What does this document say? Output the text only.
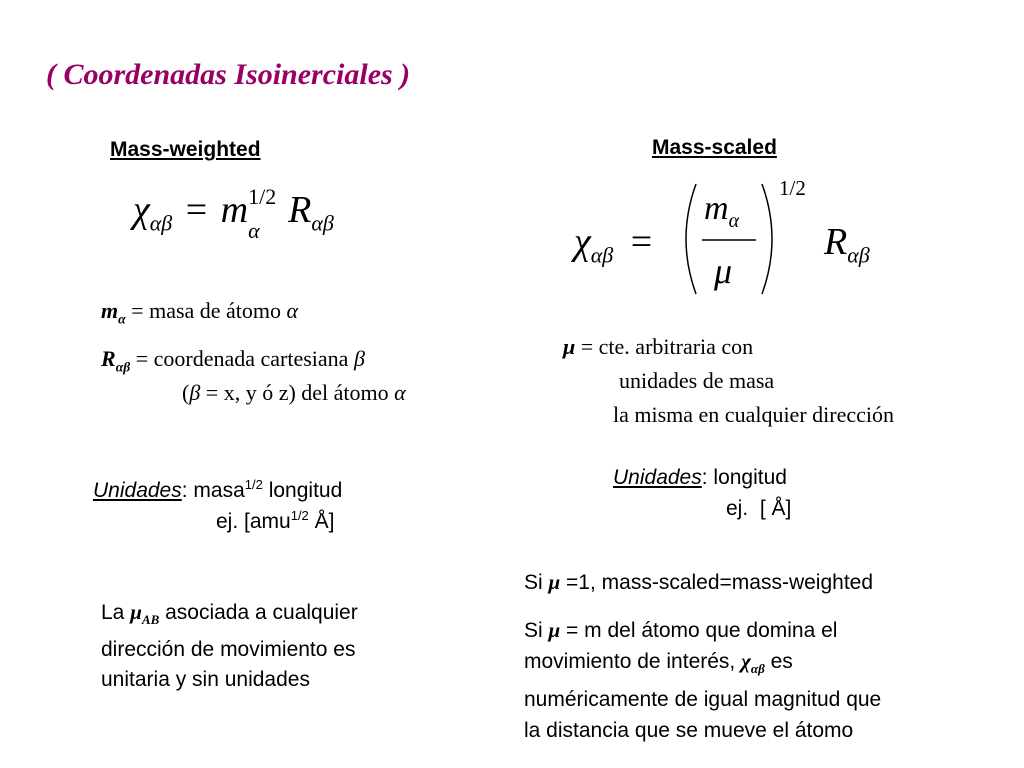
( Coordenadas Isoinerciales )
Mass-weighted
$\chi_{\alpha\beta} = m$ 1/2
α $R_{\alpha\beta}$
$m_\alpha$ = masa de átomo α
$R_{\alpha\beta}$ = coordenada cartesiana β
(β = x, y ó z) del átomo α
Unidades: masa$^{1/2}$ longitud
ej. [amu$^{1/2}$ Å]
La $\mu_{AB}$ asociada a cualquier
dirección de movimiento es
unitaria y sin unidades
Mass-scaled
$\chi_{\alpha\beta}$ =
$m_\alpha$
μ
1/2
$R_{\alpha\beta}$
μ = cte. arbitraria con
unidades de masa
la misma en cualquier dirección
Unidades: longitud
ej.  [ Å]
Si μ =1, mass-scaled=mass-weighted
Si μ = m del átomo que domina el
movimiento de interés, $\chi_{\alpha\beta}$ es
numéricamente de igual magnitud que
la distancia que se mueve el átomo
